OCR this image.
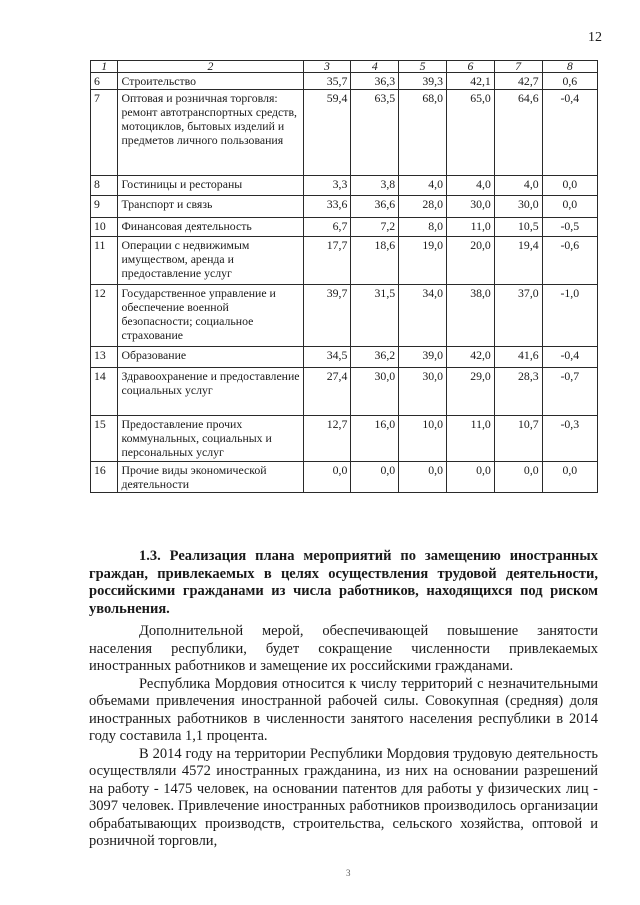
12
1	2	3	4	5	6	7	8
6	Строительство	35,7	36,3	39,3	42,1	42,7	0,6
7	Оптовая и розничная торговля: ремонт автотранспортных средств, мотоциклов, бытовых изделий и предметов личного пользования	59,4	63,5	68,0	65,0	64,6	-0,4
8	Гостиницы и рестораны	3,3	3,8	4,0	4,0	4,0	0,0
9	Транспорт и связь	33,6	36,6	28,0	30,0	30,0	0,0
10	Финансовая деятельность	6,7	7,2	8,0	11,0	10,5	-0,5
11	Операции с недвижимым имуществом, аренда и предоставление услуг	17,7	18,6	19,0	20,0	19,4	-0,6
12	Государственное управление и обеспечение военной безопасности; социальное страхование	39,7	31,5	34,0	38,0	37,0	-1,0
13	Образование	34,5	36,2	39,0	42,0	41,6	-0,4
14	Здравоохранение и предоставление социальных услуг	27,4	30,0	30,0	29,0	28,3	-0,7
15	Предоставление прочих коммунальных, социальных и персональных услуг	12,7	16,0	10,0	11,0	10,7	-0,3
16	Прочие виды экономической деятельности	0,0	0,0	0,0	0,0	0,0	0,0
1.3. Реализация плана мероприятий по замещению иностранных граждан, привлекаемых в целях осуществления трудовой деятельности, российскими гражданами из числа работников, находящихся под риском увольнения.

Дополнительной мерой, обеспечивающей повышение занятости населения республики, будет сокращение численности привлекаемых иностранных работников и замещение их российскими гражданами.

Республика Мордовия относится к числу территорий с незначительными объемами привлечения иностранной рабочей силы. Совокупная (средняя) доля иностранных работников в численности занятого населения республики в 2014 году составила 1,1 процента.

В 2014 году на территории Республики Мордовия трудовую деятельность осуществляли 4572 иностранных гражданина, из них на основании разрешений на работу - 1475 человек, на основании патентов для работы у физических лиц - 3097 человек. Привлечение иностранных работников производилось организации обрабатывающих производств, строительства, сельского хозяйства, оптовой и розничной торговли,

3
